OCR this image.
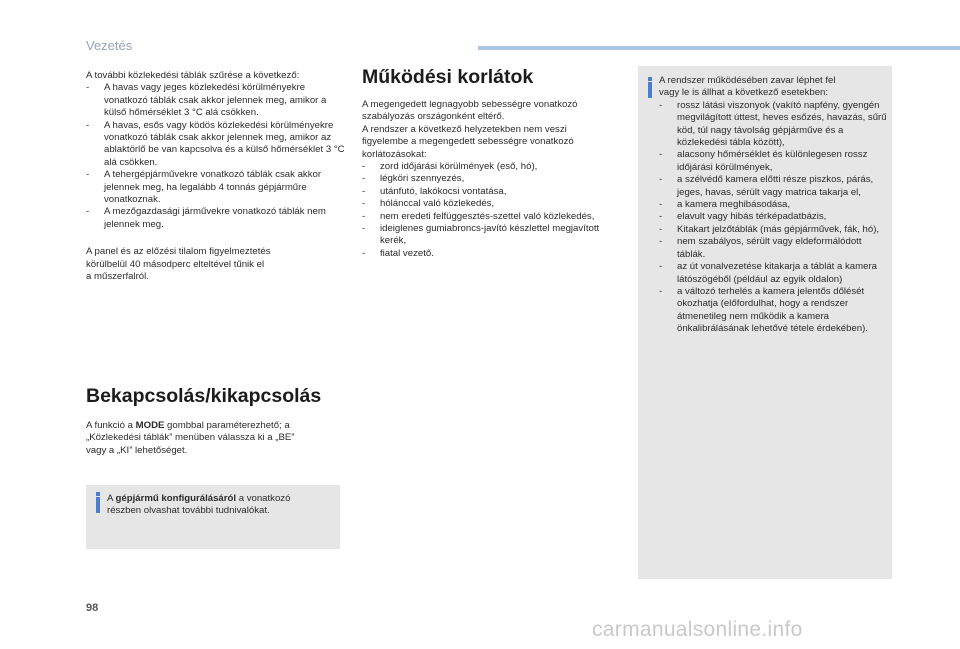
Vezetés

A további közlekedési táblák szűrése a következő:

- A havas vagy jeges közlekedési körülményekre vonatkozó táblák csak akkor jelennek meg, amikor a külső hőmérséklet 3 °C alá csökken.
- A havas, esős vagy ködös közlekedési körülményekre vonatkozó táblák csak akkor jelennek meg, amikor az ablaktörlő be van kapcsolva és a külső hőmérséklet 3 °C alá csökken.
- A tehergépjárművekre vonatkozó táblák csak akkor jelennek meg, ha legalább 4 tonnás gépjárműre vonatkoznak.
- A mezőgazdasági járművekre vonatkozó táblák nem jelennek meg.

A panel és az előzési tilalom figyelmeztetés
körülbelül 40 másodperc elteltével tűnik el
a műszerfalról.

Bekapcsolás/kikapcsolás
A funkció a MODE gombbal paraméterezhető; a
„Közlekedési táblák” menüben válassza ki a „BE”
vagy a „KI” lehetőséget.
A gépjármű konfigurálásáról a vonatkozó
részben olvashat további tudnivalókat.
Működési korlátok

A megengedett legnagyobb sebességre vonatkozó
szabályozás országonként eltérő.
A rendszer a következő helyzetekben nem veszi
figyelembe a megengedett sebességre vonatkozó
korlátozásokat:

- zord időjárási körülmények (eső, hó),
- légköri szennyezés,
- utánfutó, lakókocsi vontatása,
- hólánccal való közlekedés,
- nem eredeti felfüggesztés-szettel való közlekedés,
- ideiglenes gumiabroncs-javító készlettel megjavított kerék,
- fiatal vezető.

A rendszer működésében zavar léphet fel
vagy le is állhat a következő esetekben:

- rossz látási viszonyok (vakító napfény, gyengén megvilágított úttest, heves esőzés, havazás, sűrű köd, túl nagy távolság gépjárműve és a közlekedési tábla között),
- alacsony hőmérséklet és különlegesen rossz időjárási körülmények,
- a szélvédő kamera előtti része piszkos, párás, jeges, havas, sérült vagy matrica takarja el,
- a kamera meghibásodása,
- elavult vagy hibás térképadatbázis,
- Kitakart jelzőtáblák (más gépjárművek, fák, hó),
- nem szabályos, sérült vagy eldeformálódott táblák.
- az út vonalvezetése kitakarja a táblát a kamera látószögéből (például az egyik oldalon)
- a változó terhelés a kamera jelentős dőlését okozhatja (előfordulhat, hogy a rendszer átmenetileg nem működik a kamera önkalibrálásának lehetővé tétele érdekében).
98
carmanualsonline.info
